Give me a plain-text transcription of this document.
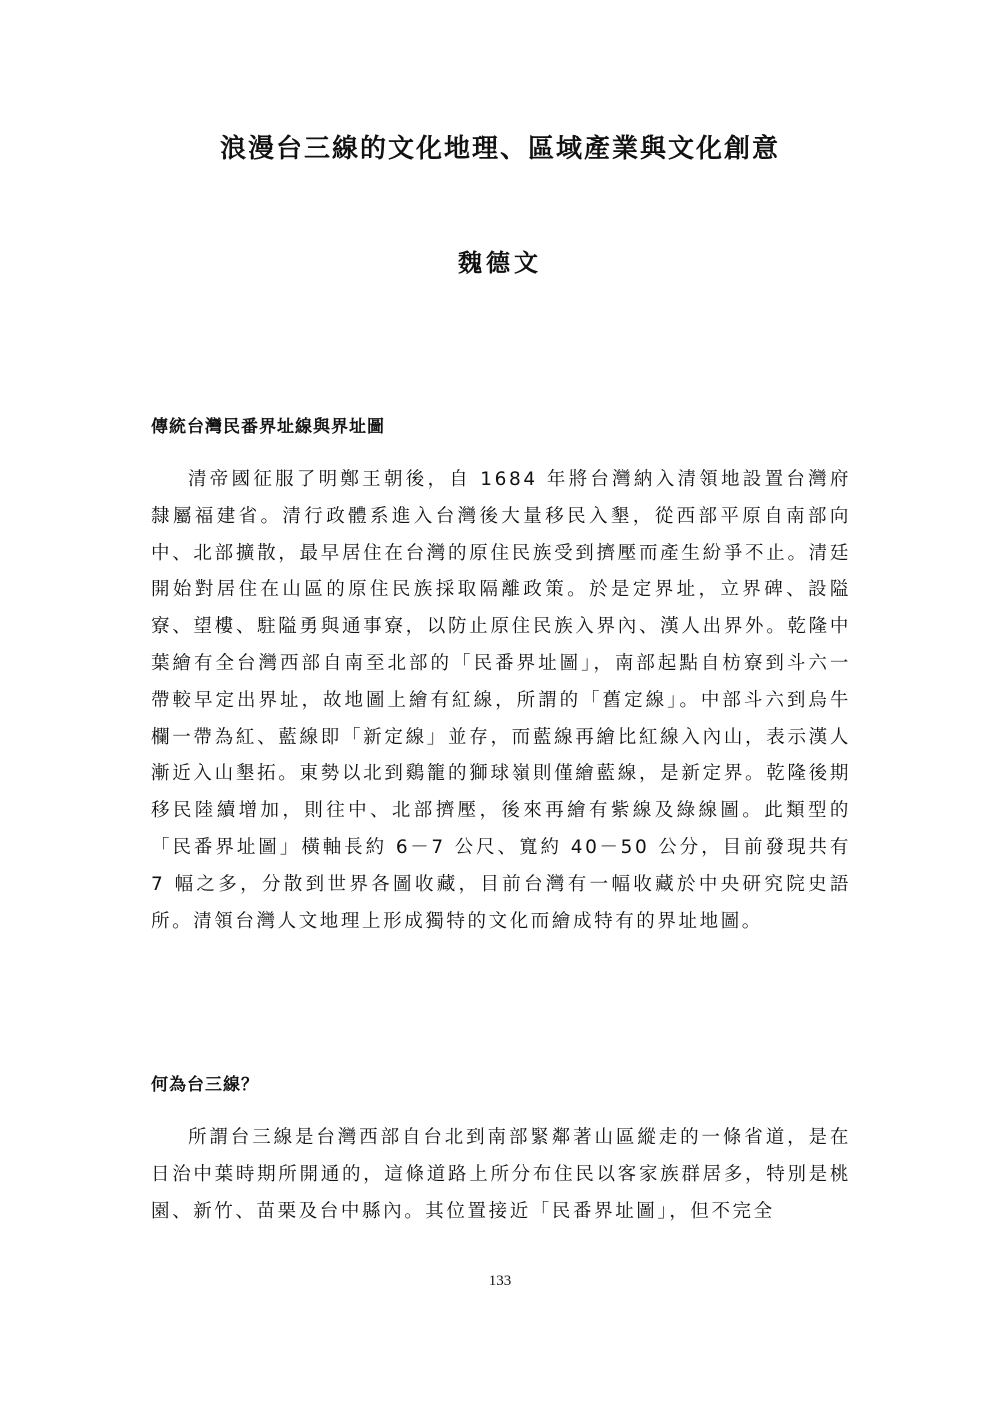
浪漫台三線的文化地理、區域產業與文化創意
魏德文
傳統台灣民番界址線與界址圖
清帝國征服了明鄭王朝後，自 1684 年將台灣納入清領地設置台灣府隸屬福建省。清行政體系進入台灣後大量移民入墾，從西部平原自南部向中、北部擴散，最早居住在台灣的原住民族受到擠壓而產生紛爭不止。清廷開始對居住在山區的原住民族採取隔離政策。於是定界址，立界碑、設隘寮、望樓、駐隘勇與通事寮，以防止原住民族入界內、漢人出界外。乾隆中葉繪有全台灣西部自南至北部的「民番界址圖」，南部起點自枋寮到斗六一帶較早定出界址，故地圖上繪有紅線，所謂的「舊定線」。中部斗六到烏牛欄一帶為紅、藍線即「新定線」並存，而藍線再繪比紅線入內山，表示漢人漸近入山墾拓。東勢以北到鷄籠的獅球嶺則僅繪藍線，是新定界。乾隆後期移民陸續增加，則往中、北部擠壓，後來再繪有紫線及綠線圖。此類型的「民番界址圖」橫軸長約 6－7 公尺、寬約 40－50 公分，目前發現共有 7 幅之多，分散到世界各圖收藏，目前台灣有一幅收藏於中央研究院史語所。清領台灣人文地理上形成獨特的文化而繪成特有的界址地圖。
何為台三線？
所謂台三線是台灣西部自台北到南部緊鄰著山區縱走的一條省道，是在日治中葉時期所開通的，這條道路上所分布住民以客家族群居多，特別是桃園、新竹、苗栗及台中縣內。其位置接近「民番界址圖」，但不完全
133
